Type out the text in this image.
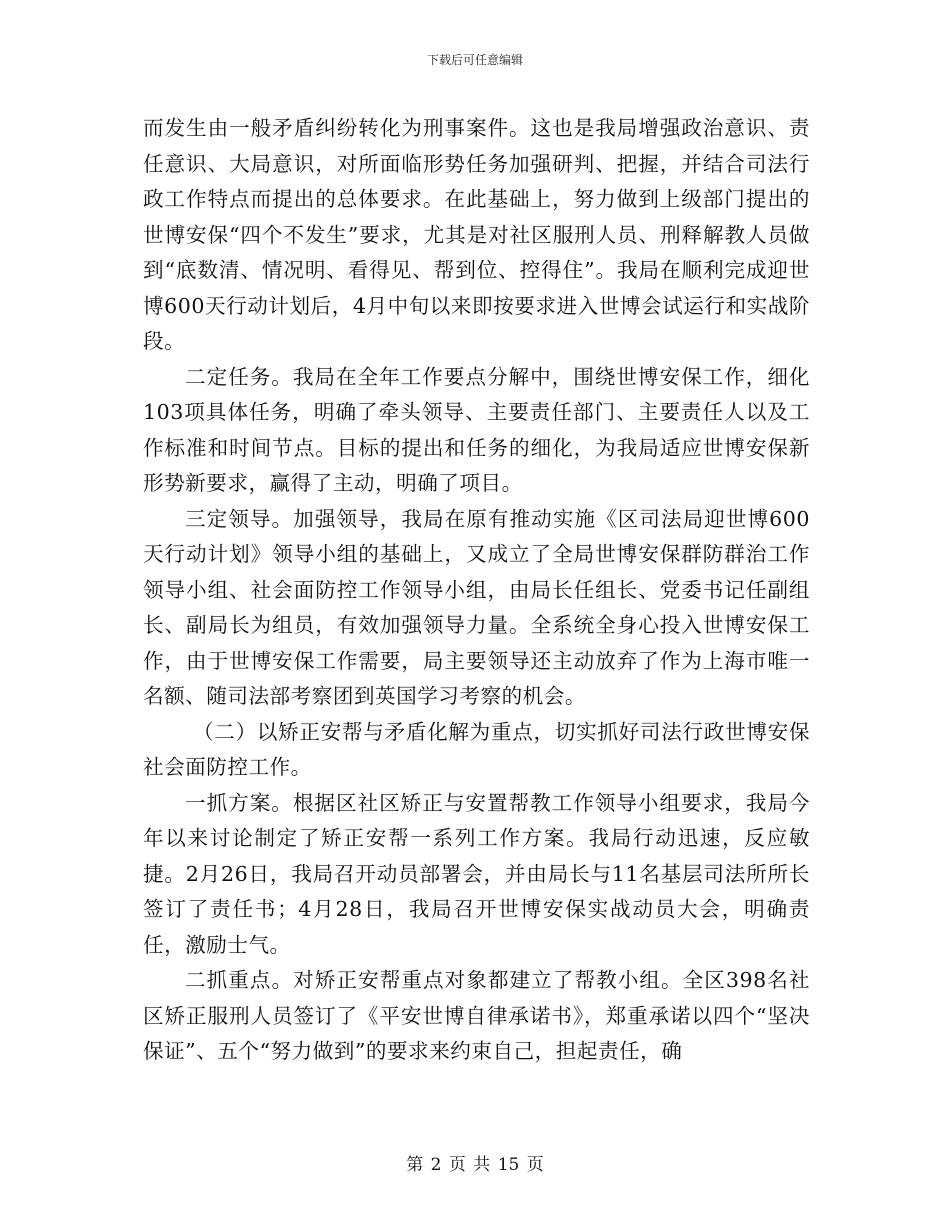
下载后可任意编辑

而发生由一般矛盾纠纷转化为刑事案件。这也是我局增强政治意识、责任意识、大局意识，对所面临形势任务加强研判、把握，并结合司法行政工作特点而提出的总体要求。在此基础上，努力做到上级部门提出的世博安保“四个不发生”要求，尤其是对社区服刑人员、刑释解教人员做到“底数清、情况明、看得见、帮到位、控得住”。我局在顺利完成迎世博600天行动计划后，4月中旬以来即按要求进入世博会试运行和实战阶段。

二定任务。我局在全年工作要点分解中，围绕世博安保工作，细化103项具体任务，明确了牵头领导、主要责任部门、主要责任人以及工作标准和时间节点。目标的提出和任务的细化，为我局适应世博安保新形势新要求，赢得了主动，明确了项目。

三定领导。加强领导，我局在原有推动实施《区司法局迎世博600天行动计划》领导小组的基础上，又成立了全局世博安保群防群治工作领导小组、社会面防控工作领导小组，由局长任组长、党委书记任副组长、副局长为组员，有效加强领导力量。全系统全身心投入世博安保工作，由于世博安保工作需要，局主要领导还主动放弃了作为上海市唯一名额、随司法部考察团到英国学习考察的机会。

（二）以矫正安帮与矛盾化解为重点，切实抓好司法行政世博安保社会面防控工作。

一抓方案。根据区社区矫正与安置帮教工作领导小组要求，我局今年以来讨论制定了矫正安帮一系列工作方案。我局行动迅速，反应敏捷。2月26日，我局召开动员部署会，并由局长与11名基层司法所所长签订了责任书；4月28日，我局召开世博安保实战动员大会，明确责任，激励士气。

二抓重点。对矫正安帮重点对象都建立了帮教小组。全区398名社区矫正服刑人员签订了《平安世博自律承诺书》，郑重承诺以四个“坚决保证”、五个“努力做到”的要求来约束自己，担起责任，确

第 2 页 共 15 页
